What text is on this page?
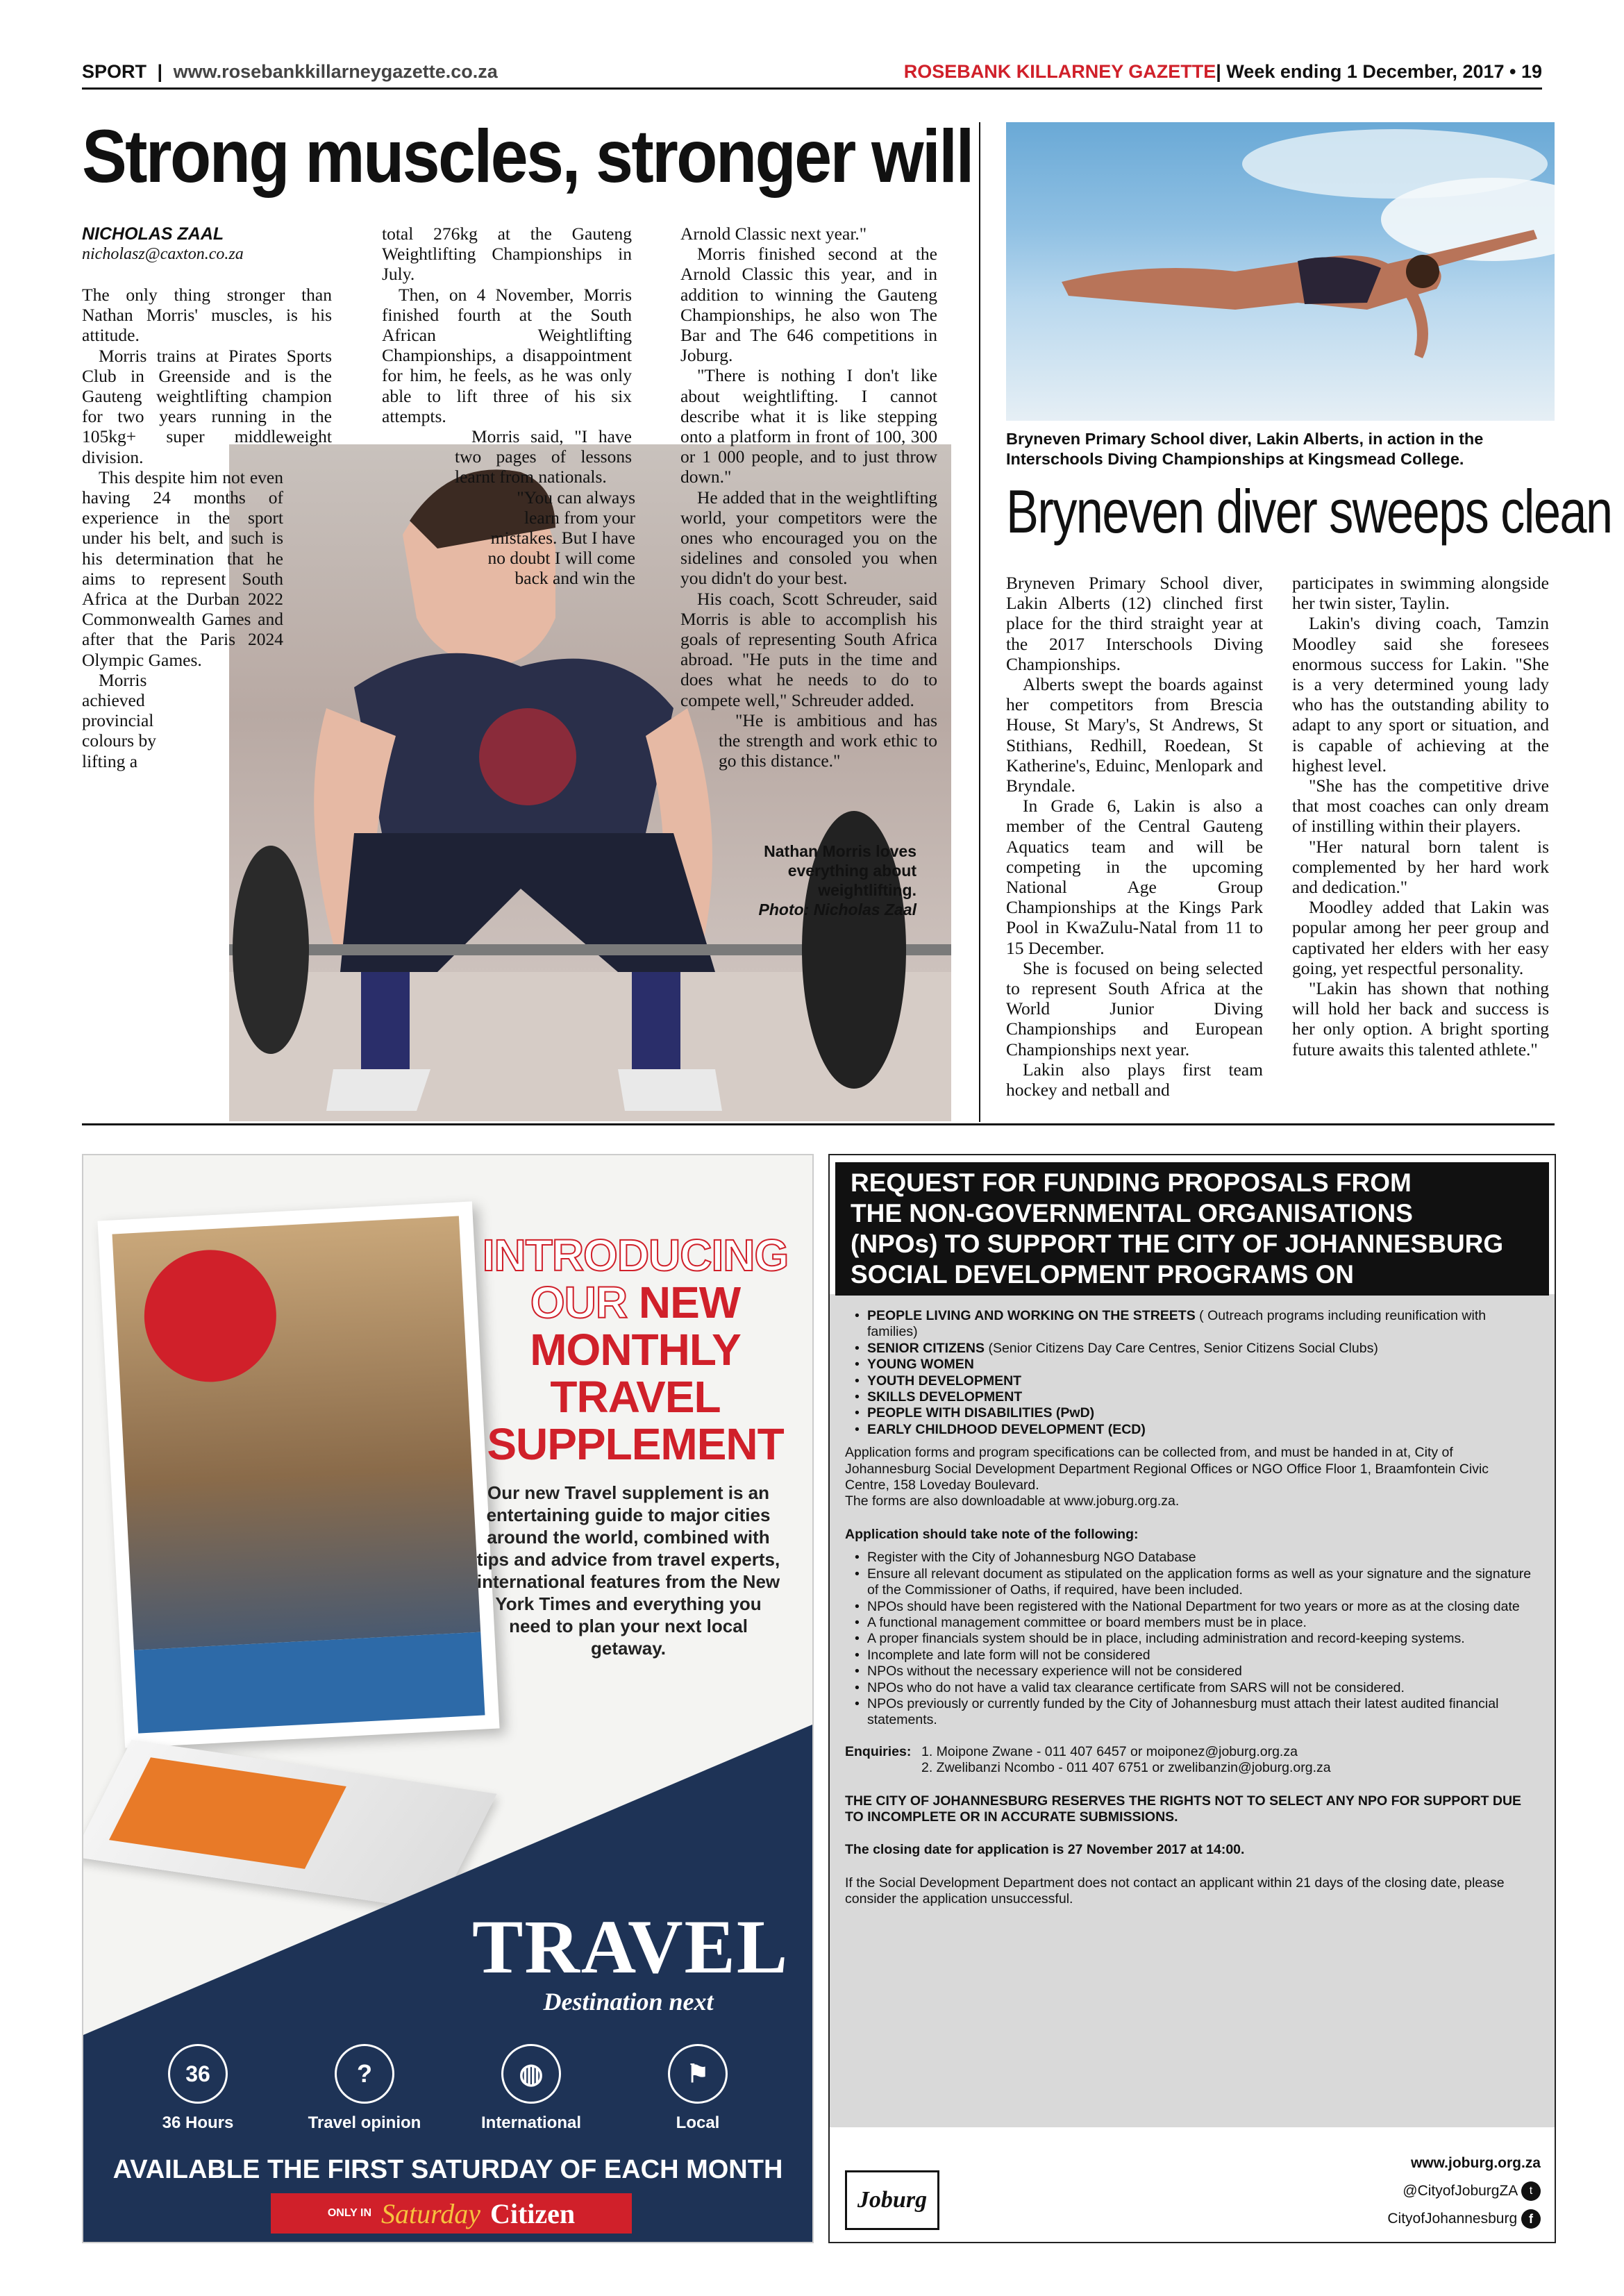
SPORT | www.rosebankkillarneygazette.co.za	ROSEBANK KILLARNEY GAZETTE| Week ending 1 December, 2017 • 19
Strong muscles, stronger will
NICHOLAS ZAAL
nicholasz@caxton.co.za

The only thing stronger than Nathan Morris' muscles, is his attitude.

Morris trains at Pirates Sports Club in Greenside and is the Gauteng weightlifting champion for two years running in the 105kg+ super middleweight division.

This despite him not even having 24 months of experience in the sport under his belt, and such is his determination that he aims to represent South Africa at the Durban 2022 Commonwealth Games and after that the Paris 2024 Olympic Games.

Morris achieved provincial colours by lifting a

total 276kg at the Gauteng Weightlifting Championships in July.

Then, on 4 November, Morris finished fourth at the South African Weightlifting Championships, a disappointment for him, he feels, as he was only able to lift three of his six attempts.

Morris said, "I have two pages of lessons learnt from nationals.

"You can always learn from your mistakes. But I have no doubt I will come back and win the

Arnold Classic next year."

Morris finished second at the Arnold Classic this year, and in addition to winning the Gauteng Championships, he also won The Bar and The 646 competitions in Joburg.

"There is nothing I don't like about weightlifting. I cannot describe what it is like stepping onto a platform in front of 100, 300 or 1 000 people, and to just throw down."

He added that in the weightlifting world, your competitors were the ones who encouraged you on the sidelines and consoled you when you didn't do your best.

His coach, Scott Schreuder, said Morris is able to accomplish his goals of representing South Africa abroad. "He puts in the time and does what he needs to do to compete well," Schreuder added.

"He is ambitious and has the strength and work ethic to go this distance."

Nathan Morris loves everything about weightlifting.
Photo: Nicholas Zaal
Bryneven Primary School diver, Lakin Alberts, in action in the Interschools Diving Championships at Kingsmead College.
Bryneven diver sweeps clean

Bryneven Primary School diver, Lakin Alberts (12) clinched first place for the third straight year at the 2017 Interschools Diving Championships.

Alberts swept the boards against her competitors from Brescia House, St Mary's, St Andrews, St Stithians, Redhill, Roedean, St Katherine's, Eduinc, Menlopark and Bryndale.

In Grade 6, Lakin is also a member of the Central Gauteng Aquatics team and will be competing in the upcoming National Age Group Championships at the Kings Park Pool in KwaZulu-Natal from 11 to 15 December.

She is focused on being selected to represent South Africa at the World Junior Diving Championships and European Championships next year.

Lakin also plays first team hockey and netball and

participates in swimming alongside her twin sister, Taylin.

Lakin's diving coach, Tamzin Moodley said she foresees enormous success for Lakin. "She is a very determined young lady who has the outstanding ability to adapt to any sport or situation, and is capable of achieving at the highest level.

"She has the competitive drive that most coaches can only dream of instilling within their players.

"Her natural born talent is complemented by her hard work and dedication."

Moodley added that Lakin was popular among her peer group and captivated her elders with her easy going, yet respectful personality.

"Lakin has shown that nothing will hold her back and success is her only option. A bright sporting future awaits this talented athlete."

INTRODUCING
OUR NEW
MONTHLY
TRAVEL
SUPPLEMENT
Our new Travel supplement is an entertaining guide to major cities around the world, combined with tips and advice from travel experts, international features from the New York Times and everything you need to plan your next local getaway.
TRAVEL
Destination next
36
36 Hours
?
Travel opinion
◍
International
⚑
Local
AVAILABLE THE FIRST SATURDAY OF EACH MONTH
ONLY IN Saturday Citizen
REQUEST FOR FUNDING PROPOSALS FROM
THE NON-GOVERNMENTAL ORGANISATIONS
(NPOs) TO SUPPORT THE CITY OF JOHANNESBURG
SOCIAL DEVELOPMENT PROGRAMS ON
• PEOPLE LIVING AND WORKING ON THE STREETS ( Outreach programs including reunification with families)
• SENIOR CITIZENS (Senior Citizens Day Care Centres, Senior Citizens Social Clubs)
• YOUNG WOMEN
• YOUTH DEVELOPMENT
• SKILLS DEVELOPMENT
• PEOPLE WITH DISABILITIES (PwD)
• EARLY CHILDHOOD DEVELOPMENT (ECD)

Application forms and program specifications can be collected from, and must be handed in at, City of Johannesburg Social Development Department Regional Offices or NGO Office Floor 1, Braamfontein Civic Centre, 158 Loveday Boulevard.

The forms are also downloadable at www.joburg.org.za.

Application should take note of the following:

• Register with the City of Johannesburg NGO Database
• Ensure all relevant document as stipulated on the application forms as well as your signature and the signature of the Commissioner of Oaths, if required, have been included.
• NPOs should have been registered with the National Department for two years or more as at the closing date
• A functional management committee or board members must be in place.
• A proper financials system should be in place, including administration and record-keeping systems.
• Incomplete and late form will not be considered
• NPOs without the necessary experience will not be considered
• NPOs who do not have a valid tax clearance certificate from SARS will not be considered.
• NPOs previously or currently funded by the City of Johannesburg must attach their latest audited financial statements.
Enquiries: 1. Moipone Zwane - 011 407 6457 or moiponez@joburg.org.za
2. Zwelibanzi Ncombo - 011 407 6751 or zwelibanzin@joburg.org.za

THE CITY OF JOHANNESBURG RESERVES THE RIGHTS NOT TO SELECT ANY NPO FOR SUPPORT DUE TO INCOMPLETE OR IN ACCURATE SUBMISSIONS.

The closing date for application is 27 November 2017 at 14:00.

If the Social Development Department does not contact an applicant within 21 days of the closing date, please consider the application unsuccessful.

Joburg
www.joburg.org.za
@CityofJoburgZA t
CityofJohannesburg f
